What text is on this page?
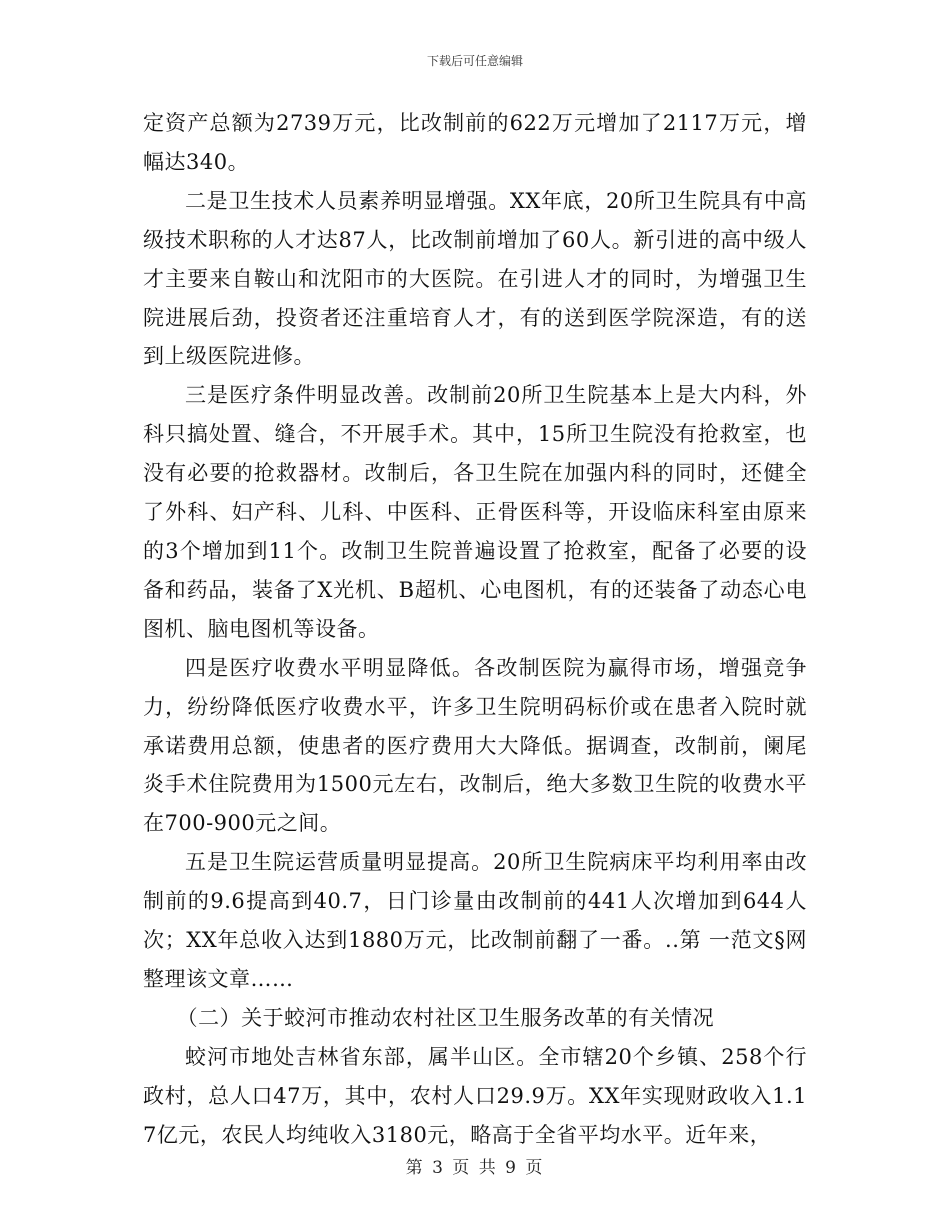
下载后可任意编辑

定资产总额为2739万元，比改制前的622万元增加了2117万元，增幅达340。

二是卫生技术人员素养明显增强。XX年底，20所卫生院具有中高级技术职称的人才达87人，比改制前增加了60人。新引进的高中级人才主要来自鞍山和沈阳市的大医院。在引进人才的同时，为增强卫生院进展后劲，投资者还注重培育人才，有的送到医学院深造，有的送到上级医院进修。

三是医疗条件明显改善。改制前20所卫生院基本上是大内科，外科只搞处置、缝合，不开展手术。其中，15所卫生院没有抢救室，也没有必要的抢救器材。改制后，各卫生院在加强内科的同时，还健全了外科、妇产科、儿科、中医科、正骨医科等，开设临床科室由原来的3个增加到11个。改制卫生院普遍设置了抢救室，配备了必要的设备和药品，装备了X光机、B超机、心电图机，有的还装备了动态心电图机、脑电图机等设备。

四是医疗收费水平明显降低。各改制医院为赢得市场，增强竞争力，纷纷降低医疗收费水平，许多卫生院明码标价或在患者入院时就承诺费用总额，使患者的医疗费用大大降低。据调查，改制前，阑尾炎手术住院费用为1500元左右，改制后，绝大多数卫生院的收费水平在700-900元之间。

五是卫生院运营质量明显提高。20所卫生院病床平均利用率由改制前的9.6提高到40.7，日门诊量由改制前的441人次增加到644人次；XX年总收入达到1880万元，比改制前翻了一番。..第 一范文§网整理该文章……

（二）关于蛟河市推动农村社区卫生服务改革的有关情况

蛟河市地处吉林省东部，属半山区。全市辖20个乡镇、258个行政村，总人口47万，其中，农村人口29.9万。XX年实现财政收入1.17亿元，农民人均纯收入3180元，略高于全省平均水平。近年来，

第 3 页 共 9 页
